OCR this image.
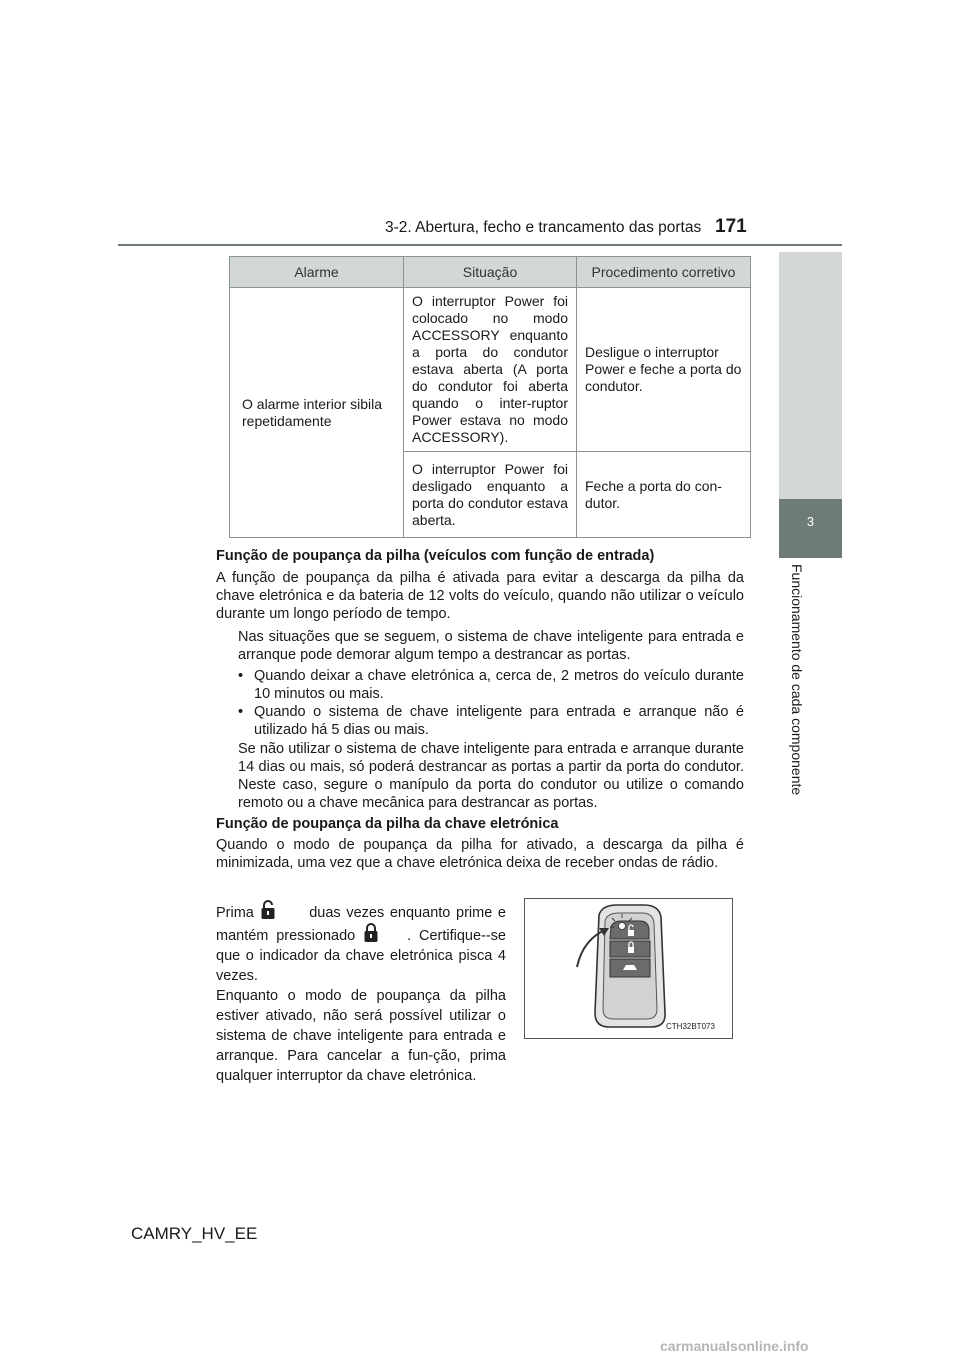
3-2. Abertura, fecho e trancamento das portas 171
3
Funcionamento de cada componente
Alarme	Situação	Procedimento corretivo
O alarme interior sibila repetidamente	O interruptor Power foi colocado no modo ACCESSORY enquanto a porta do condutor estava aberta (A porta do condutor foi aberta quando o inter-ruptor Power estava no modo ACCESSORY).	Desligue o interruptor Power e feche a porta do condutor.
	O interruptor Power foi desligado enquanto a porta do condutor estava aberta.	Feche a porta do con-dutor.
Função de poupança da pilha (veículos com função de entrada)
A função de poupança da pilha é ativada para evitar a descarga da pilha da chave eletrónica e da bateria de 12 volts do veículo, quando não utilizar o veículo durante um longo período de tempo.
Nas situações que se seguem, o sistema de chave inteligente para entrada e arranque pode demorar algum tempo a destrancar as portas.
• Quando deixar a chave eletrónica a, cerca de, 2 metros do veículo durante 10 minutos ou mais.
• Quando o sistema de chave inteligente para entrada e arranque não é utilizado há 5 dias ou mais.
Se não utilizar o sistema de chave inteligente para entrada e arranque durante 14 dias ou mais, só poderá destrancar as portas a partir da porta do condutor. Neste caso, segure o manípulo da porta do condutor ou utilize o comando remoto ou a chave mecânica para destrancar as portas.
Função de poupança da pilha da chave eletrónica
Quando o modo de poupança da pilha for ativado, a descarga da pilha é minimizada, uma vez que a chave eletrónica deixa de receber ondas de rádio.
Prima	duas vezes enquanto prime e mantém pressionado	. Certifique--se que o indicador da chave eletrónica pisca 4 vezes.
Enquanto o modo de poupança da pilha estiver ativado, não será possível utilizar o sistema de chave inteligente para entrada e arranque. Para cancelar a fun-ção, prima qualquer interruptor da chave eletrónica.
CTH32BT073
CAMRY_HV_EE
carmanualsonline.info
